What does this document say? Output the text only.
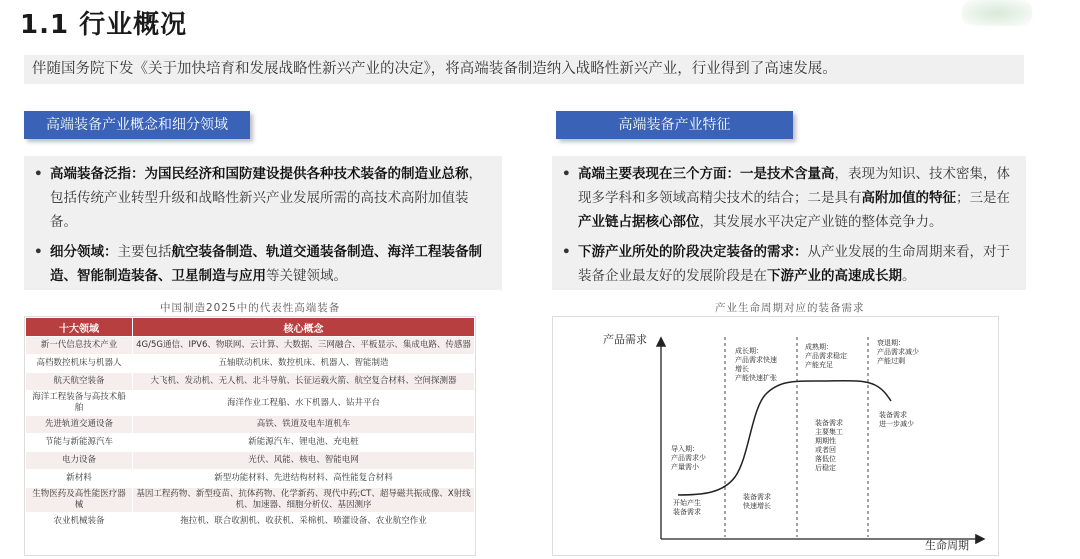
1.1 行业概况
伴随国务院下发《关于加快培育和发展战略性新兴产业的决定》，将高端装备制造纳入战略性新兴产业，行业得到了高速发展。
高端装备产业概念和细分领域
• 高端装备泛指：为国民经济和国防建设提供各种技术装备的制造业总称，包括传统产业转型升级和战略性新兴产业发展所需的高技术高附加值装备。
• 细分领域：主要包括航空装备制造、轨道交通装备制造、海洋工程装备制造、智能制造装备、卫星制造与应用等关键领域。
中国制造2025中的代表性高端装备
十大领域	核心概念
新一代信息技术产业	4G/5G通信、IPV6、物联网、云计算、大数据、三网融合、平板显示、集成电路、传感器
高档数控机床与机器人	五轴联动机床、数控机床、机器人、智能制造
航天航空装备	大飞机、发动机、无人机、北斗导航、长征运载火箭、航空复合材料、空间探测器
海洋工程装备与高技术船舶	海洋作业工程船、水下机器人、钻井平台
先进轨道交通设备	高铁、铁道及电车道机车
节能与新能源汽车	新能源汽车、锂电池、充电桩
电力设备	光伏、风能、核电、智能电网
新材料	新型功能材料、先进结构材料、高性能复合材料
生物医药及高性能医疗器械	基因工程药物、新型疫苗、抗体药物、化学新药、现代中药;CT、超导磁共振成像、X射线机、加速器、细胞分析仪、基因测序
农业机械装备	拖拉机、联合收割机、收获机、采棉机、喷灌设备、农业航空作业
高端装备产业特征
• 高端主要表现在三个方面：一是技术含量高，表现为知识、技术密集，体现多学科和多领域高精尖技术的结合；二是具有高附加值的特征；三是在产业链占据核心部位，其发展水平决定产业链的整体竞争力。
• 下游产业所处的阶段决定装备的需求：从产业发展的生命周期来看，对于装备企业最友好的发展阶段是在下游产业的高速成长期。
产业生命周期对应的装备需求
产品需求
生命周期
导入期：产品需求少产量需小
成长期：产品需求快速增长产能快速扩张
成熟期：产品需求稳定产能充足
衰退期：产品需求减少产能过剩
开始产生装备需求
装备需求快速增长
装备需求主要集工期期性或者回落低位后稳定
装备需求进一步减少
